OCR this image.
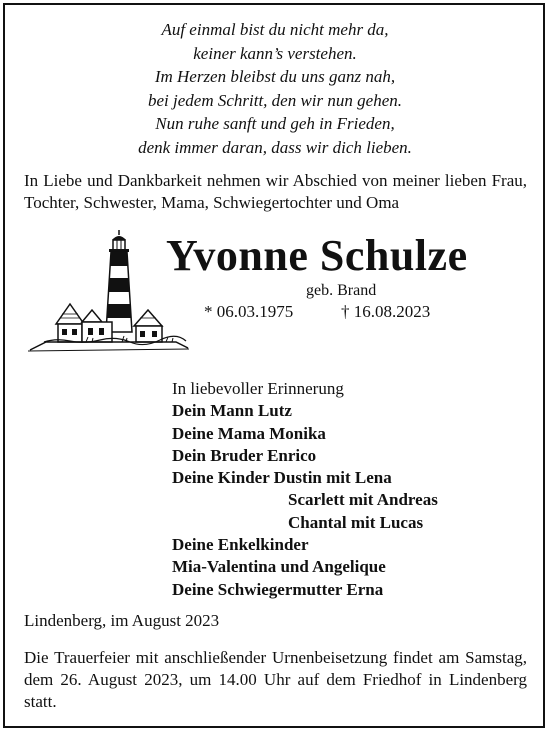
Auf einmal bist du nicht mehr da,
keiner kann’s verstehen.
Im Herzen bleibst du uns ganz nah,
bei jedem Schritt, den wir nun gehen.
Nun ruhe sanft und geh in Frieden,
denk immer daran, dass wir dich lieben.
In Liebe und Dankbarkeit nehmen wir Abschied von meiner lieben Frau, Tochter, Schwester, Mama, Schwiegertochter und Oma
Yvonne Schulze
geb. Brand
* 06.03.1975	† 16.08.2023
In liebevoller Erinnerung
Dein Mann Lutz
Deine Mama Monika
Dein Bruder Enrico
Deine Kinder Dustin mit Lena
Scarlett mit Andreas
Chantal mit Lucas
Deine Enkelkinder
Mia-Valentina und Angelique
Deine Schwiegermutter Erna
Lindenberg, im August 2023
Die Trauerfeier mit anschließender Urnenbeisetzung findet am Samstag, dem 26. August 2023, um 14.00 Uhr auf dem Friedhof in Lindenberg statt.
